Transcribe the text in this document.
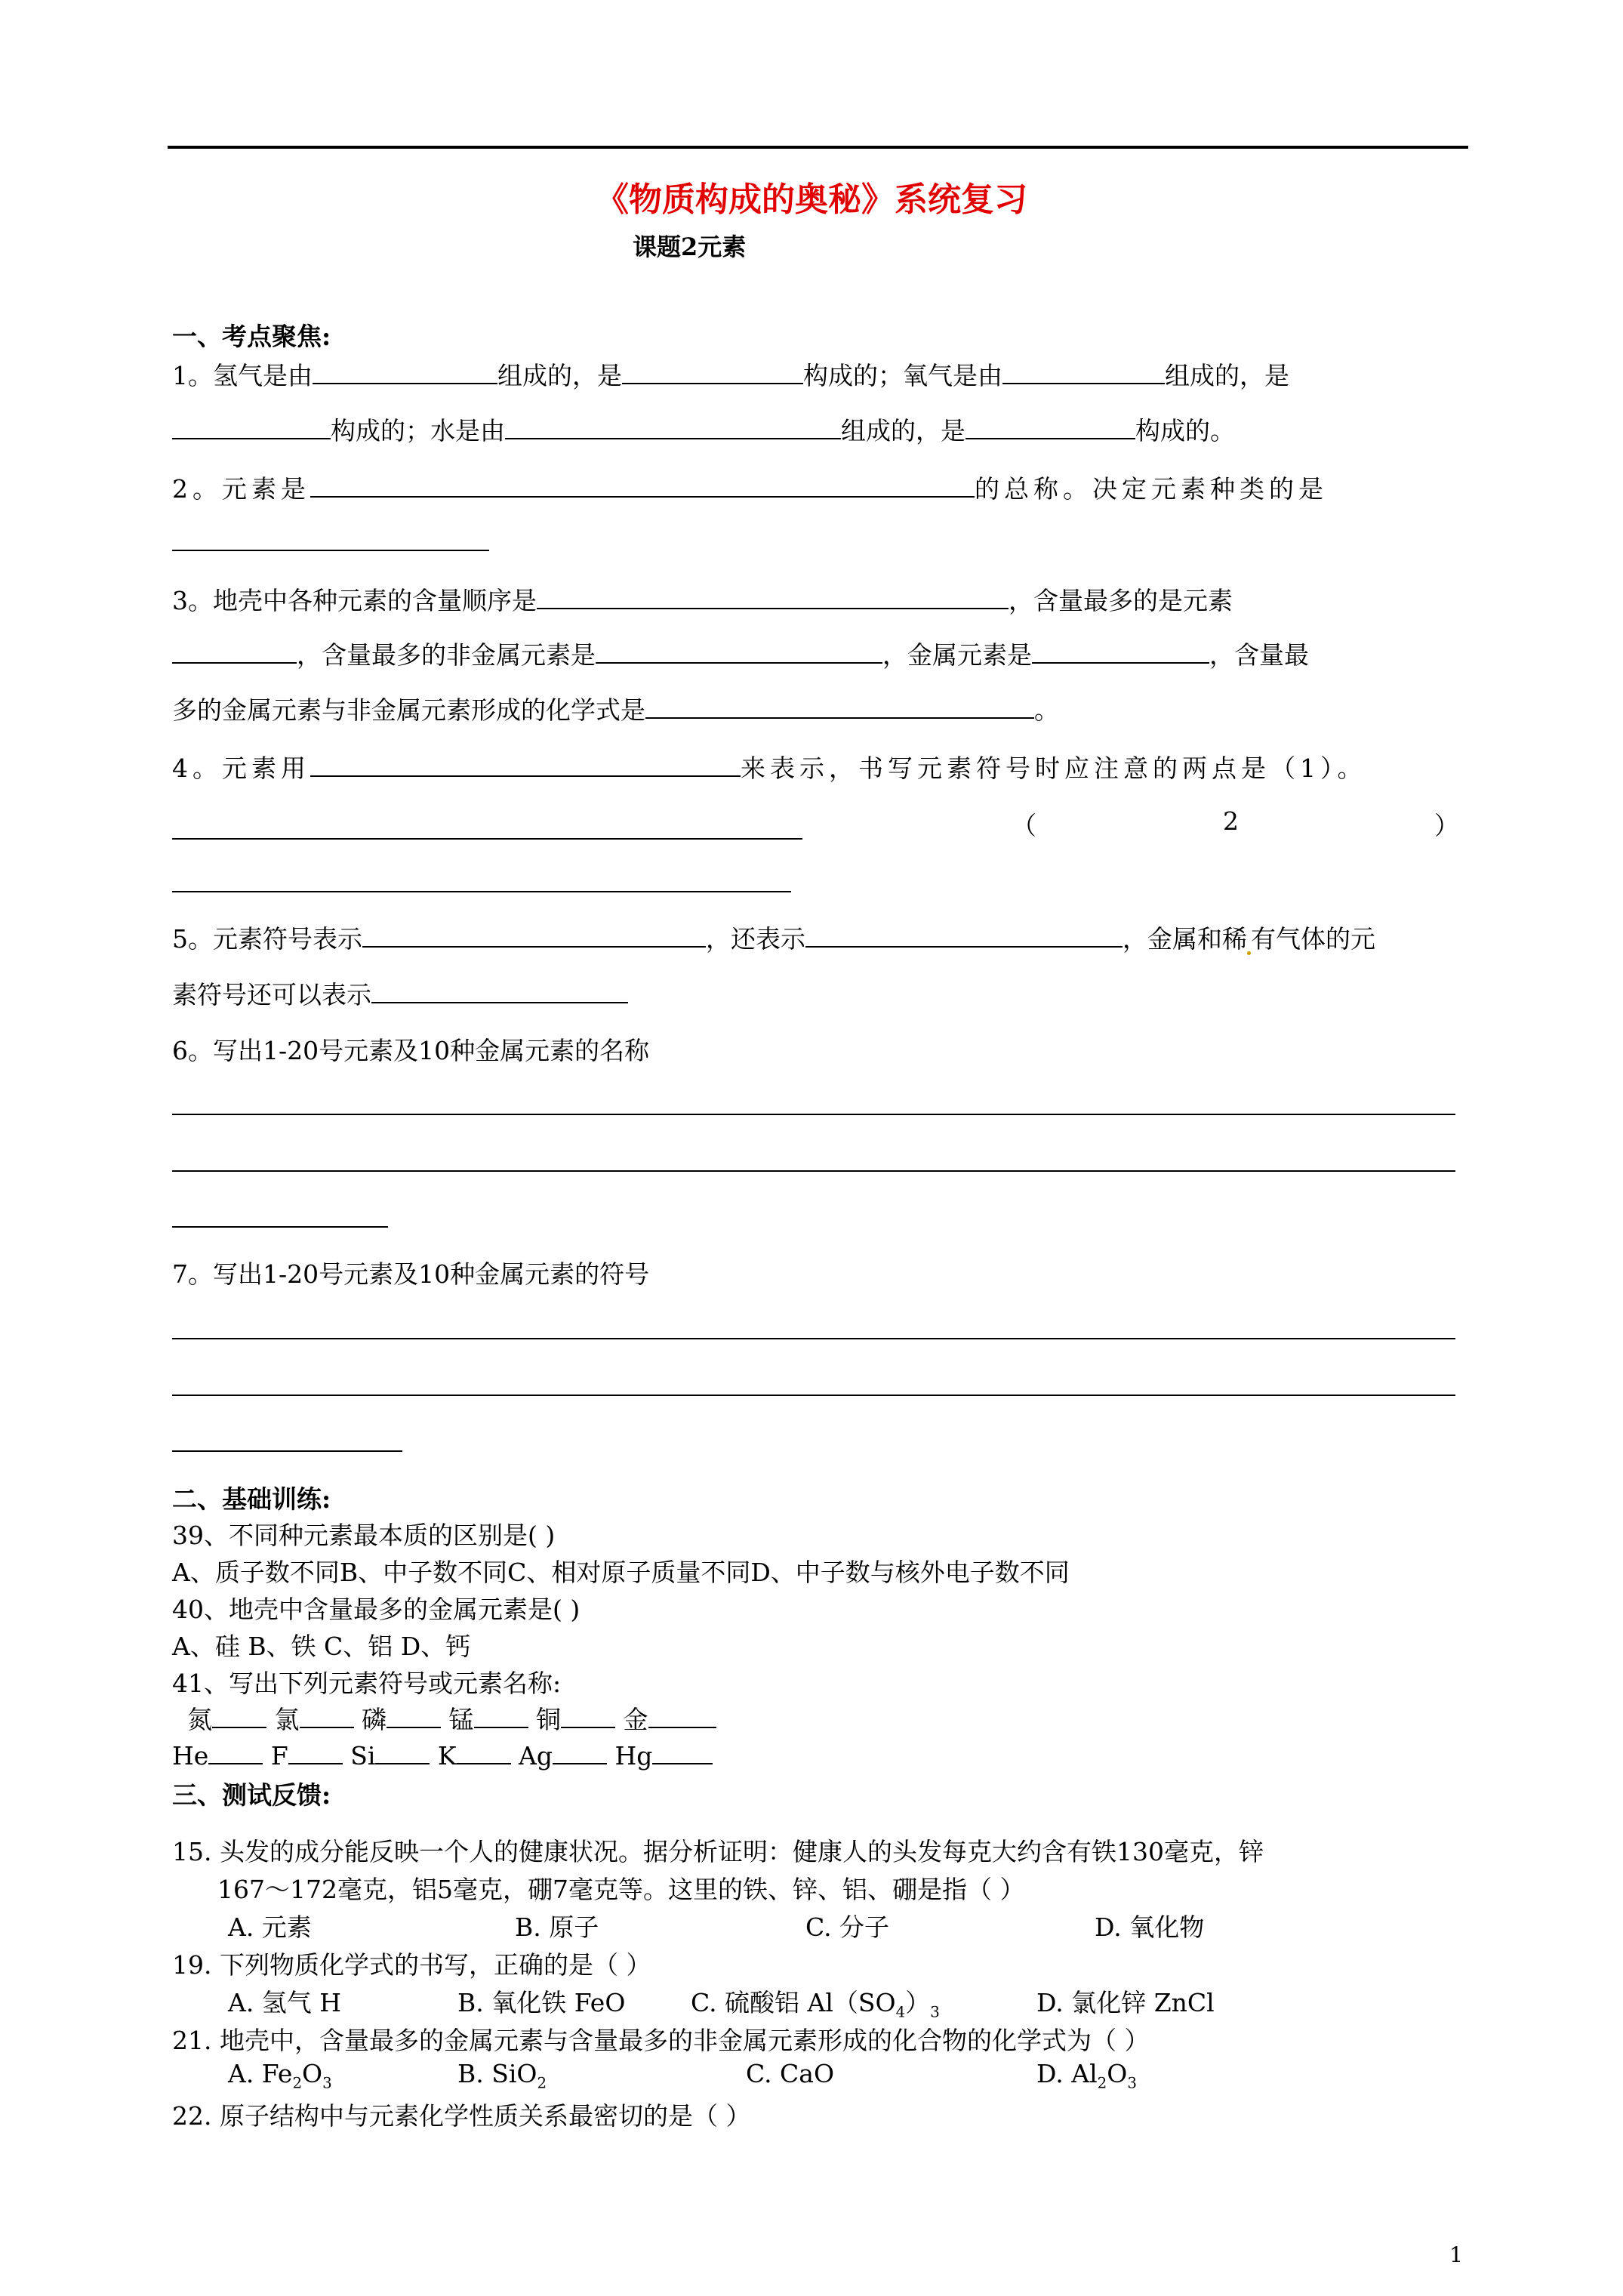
《物质构成的奥秘》系统复习
课题2元素
一、考点聚焦:
1。氢气是由	组成的，是	构成的；氧气是由	组成的，是
构成的；水是由	组成的，是	构成的。
2。元素是	的总称。决定元素种类的是
3。地壳中各种元素的含量顺序是	，含量最多的是元素
，含量最多的非金属元素是	，金属元素是	，含量最
多的金属元素与非金属元素形成的化学式是	。
4。元素用	来表示，书写元素符号时应注意的两点是（1）。
（	2	）
5。元素符号表示	，还表示	，金属和稀 有气体的元
素符号还可以表示
6。写出1-20号元素及10种金属元素的名称
7。写出1-20号元素及10种金属元素的符号
二、基础训练:
39、不同种元素最本质的区别是( )
A、质子数不同B、中子数不同C、相对原子质量不同D、中子数与核外电子数不同
40、地壳中含量最多的金属元素是( )
A、硅 B、铁 C、铝 D、钙
41、写出下列元素符号或元素名称:
氮	氯	磷	锰	铜	金
He	F	Si	K	Ag	Hg
三、测试反馈:
15. 头发的成分能反映一个人的健康状况。据分析证明：健康人的头发每克大约含有铁130毫克，锌
167～172毫克，铝5毫克，硼7毫克等。这里的铁、锌、铝、硼是指（ ）
A. 元素	B. 原子	C. 分子	D. 氧化物
19. 下列物质化学式的书写，正确的是（ ）
A. 氢气 H	B. 氧化铁 FeO	C. 硫酸铝 $Al(SO_4)_3$	D. 氯化锌 ZnCl
21. 地壳中，含量最多的金属元素与含量最多的非金属元素形成的化合物的化学式为（ ）
A. $Fe_2O_3$	B. SiO$_2$	C. CaO	D. $Al_2O_3$
22. 原子结构中与元素化学性质关系最密切的是（ ）
1
